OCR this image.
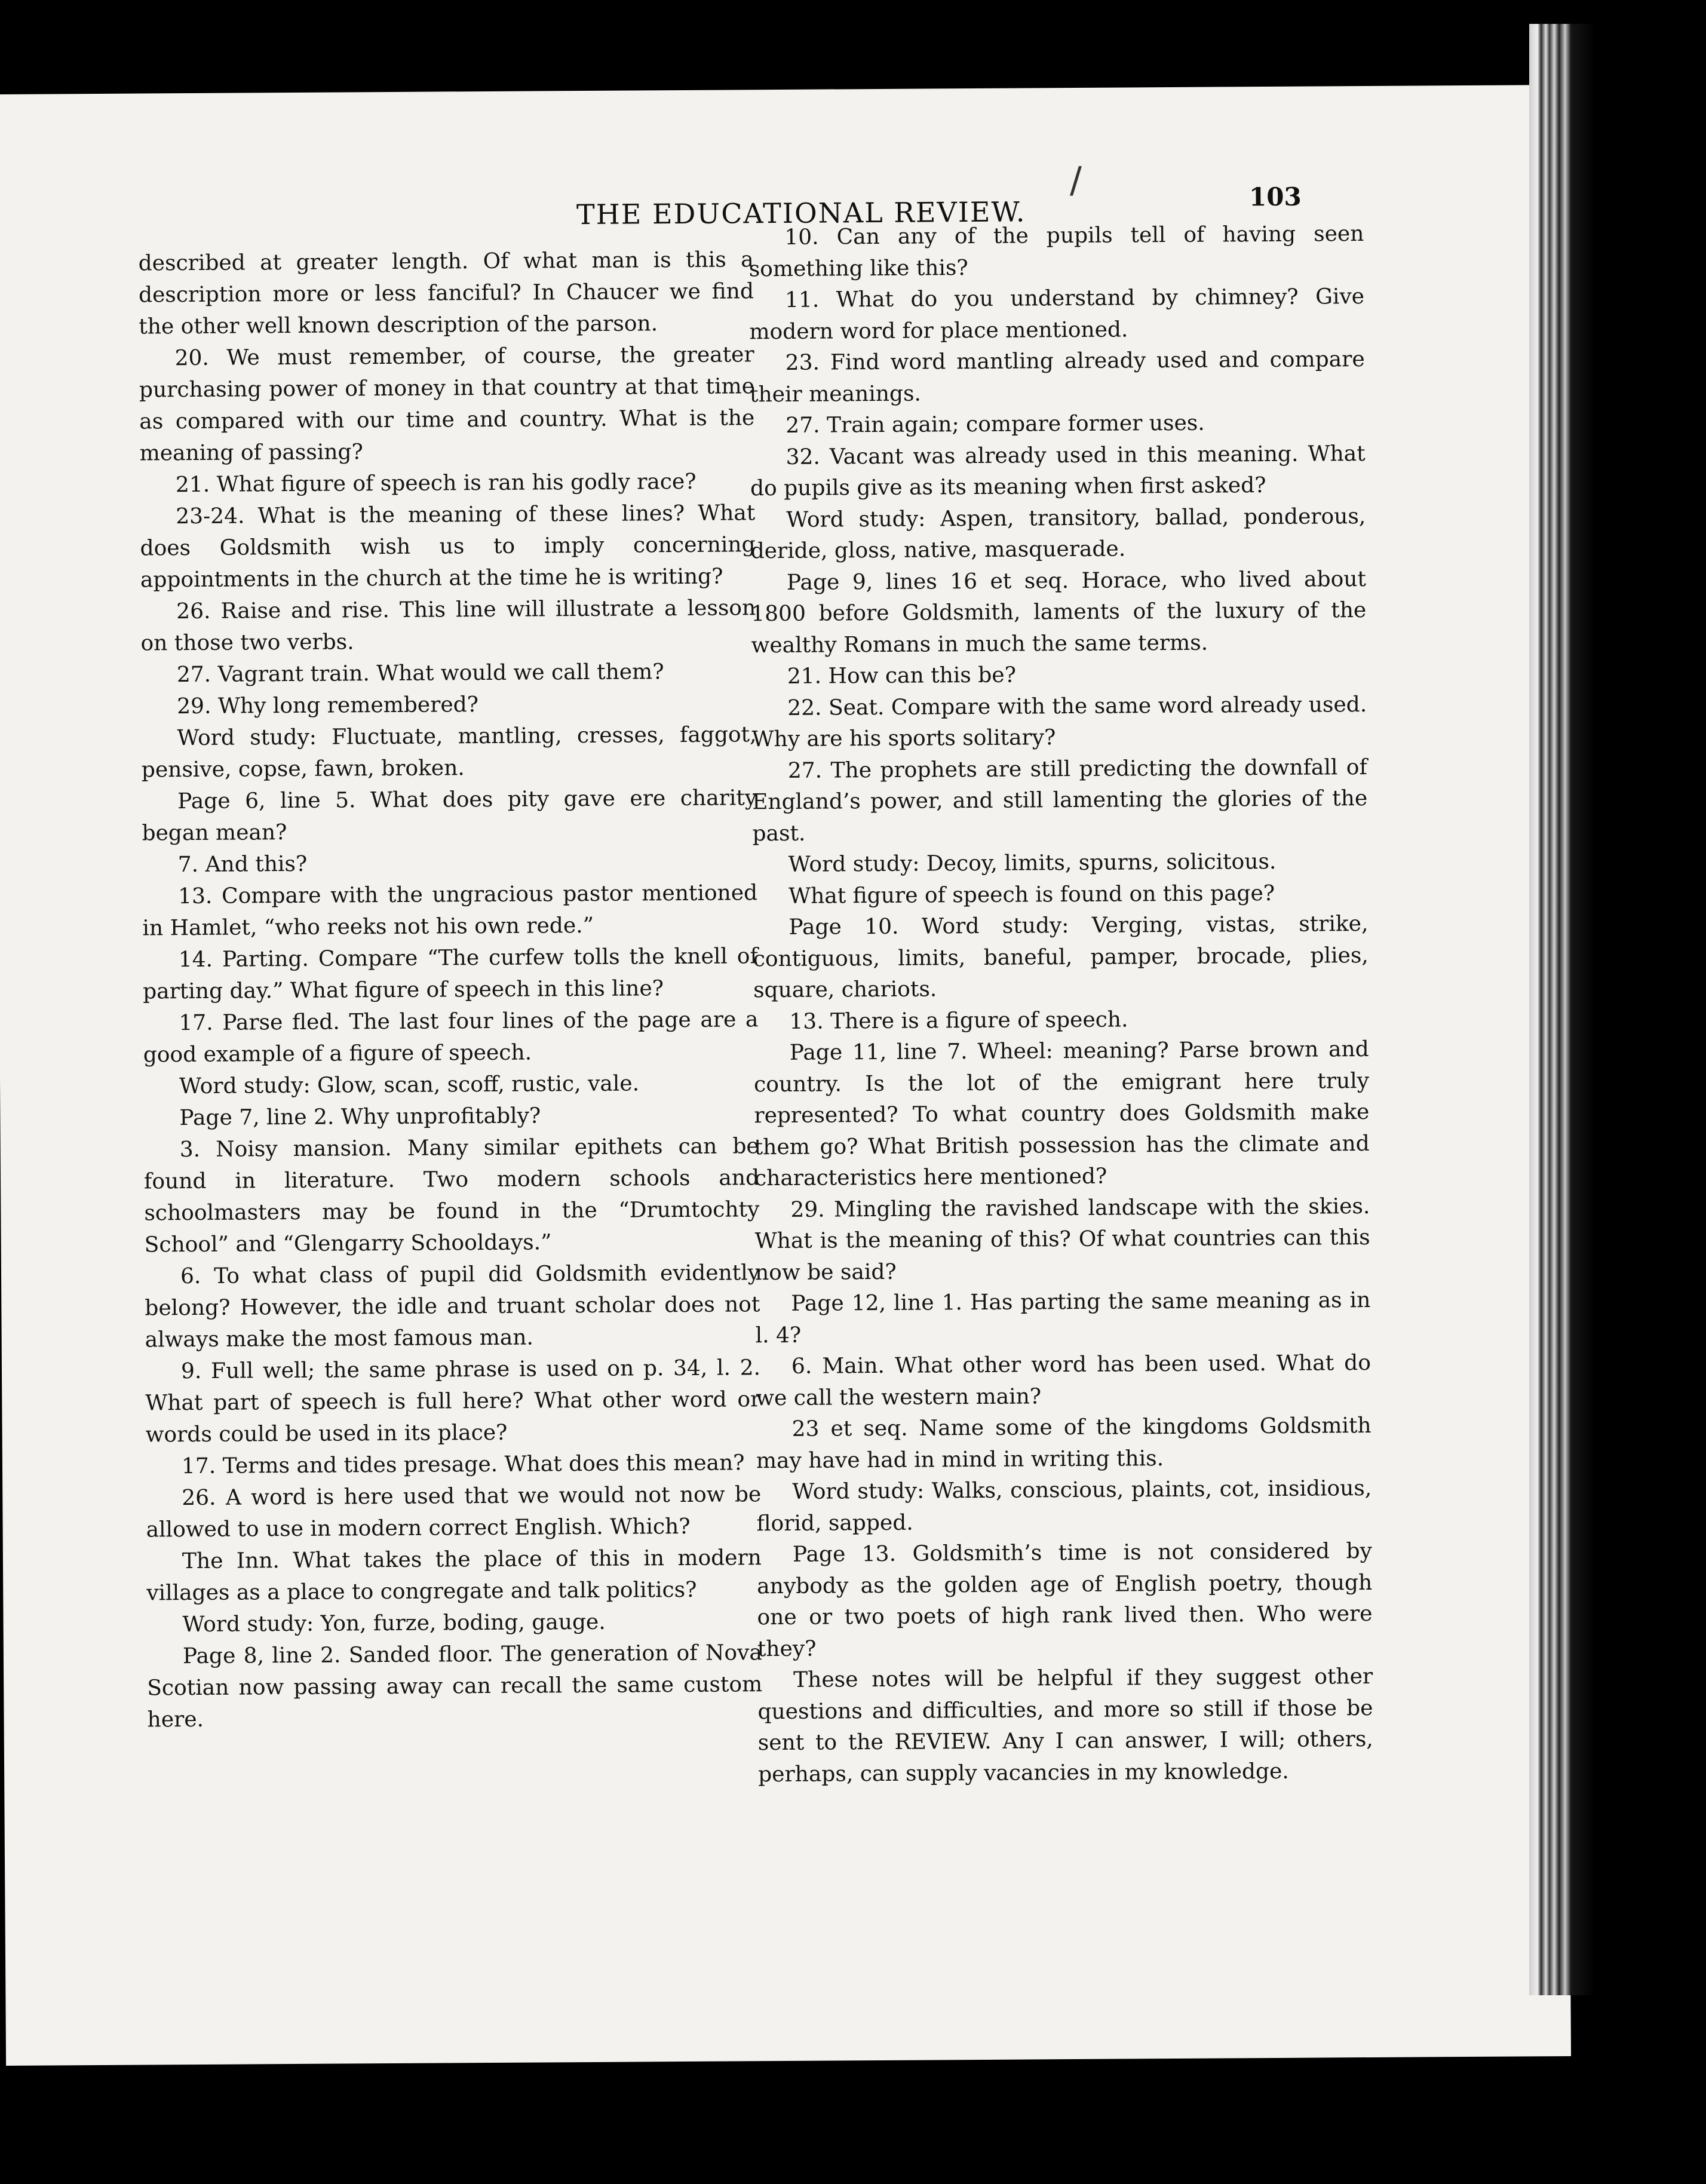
THE EDUCATIONAL REVIEW.	103

described at greater length. Of what man is this a description more or less fanciful? In Chaucer we find the other well known description of the parson.

20. We must remember, of course, the greater purchasing power of money in that country at that time as compared with our time and country. What is the meaning of passing?

21. What figure of speech is ran his godly race?

23-24. What is the meaning of these lines? What does Goldsmith wish us to imply concerning appointments in the church at the time he is writing?

26. Raise and rise. This line will illustrate a lesson on those two verbs.

27. Vagrant train. What would we call them?

29. Why long remembered?

Word study: Fluctuate, mantling, cresses, faggot, pensive, copse, fawn, broken.

Page 6, line 5. What does pity gave ere charity began mean?

7. And this?

13. Compare with the ungracious pastor mentioned in Hamlet, “who reeks not his own rede.”

14. Parting. Compare “The curfew tolls the knell of parting day.” What figure of speech in this line?

17. Parse fled. The last four lines of the page are a good example of a figure of speech.

Word study: Glow, scan, scoff, rustic, vale.

Page 7, line 2. Why unprofitably?

3. Noisy mansion. Many similar epithets can be found in literature. Two modern schools and schoolmasters may be found in the “Drumtochty School” and “Glengarry Schooldays.”

6. To what class of pupil did Goldsmith evidently belong? However, the idle and truant scholar does not always make the most famous man.

9. Full well; the same phrase is used on p. 34, l. 2. What part of speech is full here? What other word or words could be used in its place?

17. Terms and tides presage. What does this mean?

26. A word is here used that we would not now be allowed to use in modern correct English. Which?

The Inn. What takes the place of this in modern villages as a place to congregate and talk politics?

Word study: Yon, furze, boding, gauge.

Page 8, line 2. Sanded floor. The generation of Nova Scotian now passing away can recall the same custom here.

10. Can any of the pupils tell of having seen something like this?

11. What do you understand by chimney? Give modern word for place mentioned.

23. Find word mantling already used and compare their meanings.

27. Train again; compare former uses.

32. Vacant was already used in this meaning. What do pupils give as its meaning when first asked?

Word study: Aspen, transitory, ballad, ponderous, deride, gloss, native, masquerade.

Page 9, lines 16 et seq. Horace, who lived about 1800 before Goldsmith, laments of the luxury of the wealthy Romans in much the same terms.

21. How can this be?

22. Seat. Compare with the same word already used. Why are his sports solitary?

27. The prophets are still predicting the downfall of England’s power, and still lamenting the glories of the past.

Word study: Decoy, limits, spurns, solicitous.

What figure of speech is found on this page?

Page 10. Word study: Verging, vistas, strike, contiguous, limits, baneful, pamper, brocade, plies, square, chariots.

13. There is a figure of speech.

Page 11, line 7. Wheel: meaning? Parse brown and country. Is the lot of the emigrant here truly represented? To what country does Goldsmith make them go? What British possession has the climate and characteristics here mentioned?

29. Mingling the ravished landscape with the skies. What is the meaning of this? Of what countries can this now be said?

Page 12, line 1. Has parting the same meaning as in l. 4?

6. Main. What other word has been used. What do we call the western main?

23 et seq. Name some of the kingdoms Goldsmith may have had in mind in writing this.

Word study: Walks, conscious, plaints, cot, insidious, florid, sapped.

Page 13. Goldsmith’s time is not considered by anybody as the golden age of English poetry, though one or two poets of high rank lived then. Who were they?

These notes will be helpful if they suggest other questions and difficulties, and more so still if those be sent to the REVIEW. Any I can answer, I will; others, perhaps, can supply vacancies in my knowledge.

/
